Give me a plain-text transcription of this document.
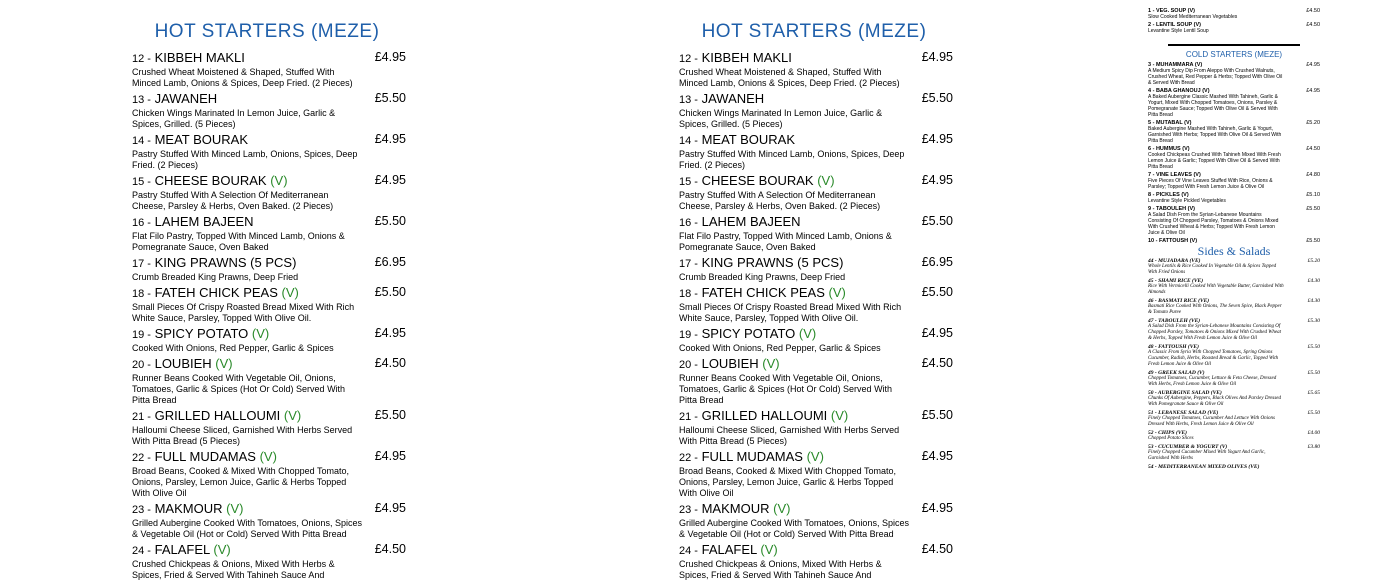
HOT STARTERS (MEZE)
12 - KIBBEH MAKLI
Crushed Wheat Moistened & Shaped, Stuffed With Minced Lamb, Onions & Spices, Deep Fried. (2 Pieces)
£4.95
13 - JAWANEH
Chicken Wings Marinated In Lemon Juice, Garlic & Spices, Grilled. (5 Pieces)
£5.50
14 - MEAT BOURAK
Pastry Stuffed With Minced Lamb, Onions, Spices, Deep Fried. (2 Pieces)
£4.95
15 - CHEESE BOURAK (V)
Pastry Stuffed With A Selection Of Mediterranean Cheese, Parsley & Herbs, Oven Baked. (2 Pieces)
£4.95
16 - LAHEM BAJEEN
Flat Filo Pastry, Topped With Minced Lamb, Onions & Pomegranate Sauce, Oven Baked
£5.50
17 - KING PRAWNS (5 PCS)
Crumb Breaded King Prawns, Deep Fried
£6.95
18 - FATEH CHICK PEAS (V)
Small Pieces Of Crispy Roasted Bread Mixed With Rich White Sauce, Parsley, Topped With Olive Oil.
£5.50
19 - SPICY POTATO (V)
Cooked With Onions, Red Pepper, Garlic & Spices
£4.95
20 - LOUBIEH (V)
Runner Beans Cooked With Vegetable Oil, Onions, Tomatoes, Garlic & Spices (Hot Or Cold) Served With Pitta Bread
£4.50
21 - GRILLED HALLOUMI (V)
Halloumi Cheese Sliced, Garnished With Herbs Served With Pitta Bread (5 Pieces)
£5.50
22 - FULL MUDAMAS (V)
Broad Beans, Cooked & Mixed With Chopped Tomato, Onions, Parsley, Lemon Juice, Garlic & Herbs Topped With Olive Oil
£4.95
23 - MAKMOUR (V)
Grilled Aubergine Cooked With Tomatoes, Onions, Spices & Vegetable Oil (Hot or Cold) Served With Pitta Bread
£4.95
24 - FALAFEL (V)
Crushed Chickpeas & Onions, Mixed With Herbs & Spices, Fried & Served With Tahineh Sauce And
£4.50
HOT STARTERS (MEZE)
12 - KIBBEH MAKLI
Crushed Wheat Moistened & Shaped, Stuffed With Minced Lamb, Onions & Spices, Deep Fried. (2 Pieces)
£4.95
13 - JAWANEH
Chicken Wings Marinated In Lemon Juice, Garlic & Spices, Grilled. (5 Pieces)
£5.50
14 - MEAT BOURAK
Pastry Stuffed With Minced Lamb, Onions, Spices, Deep Fried. (2 Pieces)
£4.95
15 - CHEESE BOURAK (V)
Pastry Stuffed With A Selection Of Mediterranean Cheese, Parsley & Herbs, Oven Baked. (2 Pieces)
£4.95
16 - LAHEM BAJEEN
Flat Filo Pastry, Topped With Minced Lamb, Onions & Pomegranate Sauce, Oven Baked
£5.50
17 - KING PRAWNS (5 PCS)
Crumb Breaded King Prawns, Deep Fried
£6.95
18 - FATEH CHICK PEAS (V)
Small Pieces Of Crispy Roasted Bread Mixed With Rich White Sauce, Parsley, Topped With Olive Oil.
£5.50
19 - SPICY POTATO (V)
Cooked With Onions, Red Pepper, Garlic & Spices
£4.95
20 - LOUBIEH (V)
Runner Beans Cooked With Vegetable Oil, Onions, Tomatoes, Garlic & Spices (Hot Or Cold) Served With Pitta Bread
£4.50
21 - GRILLED HALLOUMI (V)
Halloumi Cheese Sliced, Garnished With Herbs Served With Pitta Bread (5 Pieces)
£5.50
22 - FULL MUDAMAS (V)
Broad Beans, Cooked & Mixed With Chopped Tomato, Onions, Parsley, Lemon Juice, Garlic & Herbs Topped With Olive Oil
£4.95
23 - MAKMOUR (V)
Grilled Aubergine Cooked With Tomatoes, Onions, Spices & Vegetable Oil (Hot or Cold) Served With Pitta Bread
£4.95
24 - FALAFEL (V)
Crushed Chickpeas & Onions, Mixed With Herbs & Spices, Fried & Served With Tahineh Sauce And
£4.50
1 - VEG. SOUP (V)
Slow Cooked Mediterranean Vegetables
£4.50
2 - LENTIL SOUP (V)
Levantine Style Lentil Soup
£4.50
COLD STARTERS (MEZE)
3 - MUHAMMARA (V)
A Medium Spicy Dip From Aleppo With Crushed Walnuts, Crushed Wheat, Red Pepper & Herbs; Topped With Olive Oil & Served With Bread
£4.95
4 - BABA GHANOUJ (V)
A Baked Aubergine Classic Mashed With Tahineh, Garlic & Yogurt, Mixed With Chopped Tomatoes, Onions, Parsley & Pomegranate Sauce; Topped With Olive Oil & Served With Pitta Bread
£4.95
5 - MUTABAL (V)
Baked Aubergine Mashed With Tahineh, Garlic & Yogurt, Garnished With Herbs; Topped With Olive Oil & Served With Pitta Bread
£5.20
6 - HUMMUS (V)
Cooked Chickpeas Crushed With Tahineh Mixed With Fresh Lemon Juice & Garlic; Topped With Olive Oil & Served With Pitta Bread
£4.50
7 - VINE LEAVES (V)
Five Pieces Of Vine Leaves Stuffed With Rice, Onions & Parsley; Topped With Fresh Lemon Juice & Olive Oil
£4.80
8 - PICKLES (V)
Levantine Style Pickled Vegetables
£5.10
9 - TABOULEH (V)
A Salad Dish From the Syrian-Lebanese Mountains Consisting Of Chopped Parsley, Tomatoes & Onions Mixed With Crushed Wheat & Herbs; Topped With Fresh Lemon Juice & Olive Oil
£5.50
10 - FATTOUSH (V)	£5.50
Sides & Salads
44 - MUJADARA (VE)
Whole Lentils & Rice Cooked In Vegetable Oil & Spices Topped With Fried Onions
£5.20
45 - SHAMI RICE (VE)
Rice With Vermicelli Cooked With Vegetable Butter, Garnished With Almonds
£4.30
46 - BASMATI RICE (VE)
Basmati Rice Cooked With Onions, The Seven Spice, Black Pepper & Tomato Puree
£4.30
47 - TABOULEH (VE)
A Salad Dish From the Syrian-Lebanese Mountains Consisting Of Chopped Parsley, Tomatoes & Onions Mixed With Crushed Wheat & Herbs, Topped With Fresh Lemon Juice & Olive Oil
£5.30
48 - FATTOUSH (VE)
A Classic From Syria With Chopped Tomatoes, Spring Onions Cucumber, Radish, Herbs, Roasted Bread & Garlic, Topped With Fresh Lemon Juice & Olive Oil
£5.50
49 - GREEK SALAD (V)
Chopped Tomatoes, Cucumber, Lettuce & Feta Cheese, Dressed With Herbs, Fresh Lemon Juice & Olive Oil
£5.50
50 - AUBERGINE SALAD (VE)
Chunks Of Aubergine, Peppers, Black Olives And Parsley Dressed With Pomegranate Sauce & Olive Oil
£5.65
51 - LEBANESE SALAD (VE)
Finely Chopped Tomatoes, Cucumber And Lettuce With Onions Dressed With Herbs, Fresh Lemon Juice & Olive Oil
£5.50
52 - CHIPS (VE)
Chopped Potato Slices
£4.00
53 - CUCUMBER & YOGURT (V)
Finely Chopped Cucumber Mixed With Yogurt And Garlic, Garnished With Herbs
£3.80
54 - MEDITERRANEAN MIXED OLIVES (VE)
